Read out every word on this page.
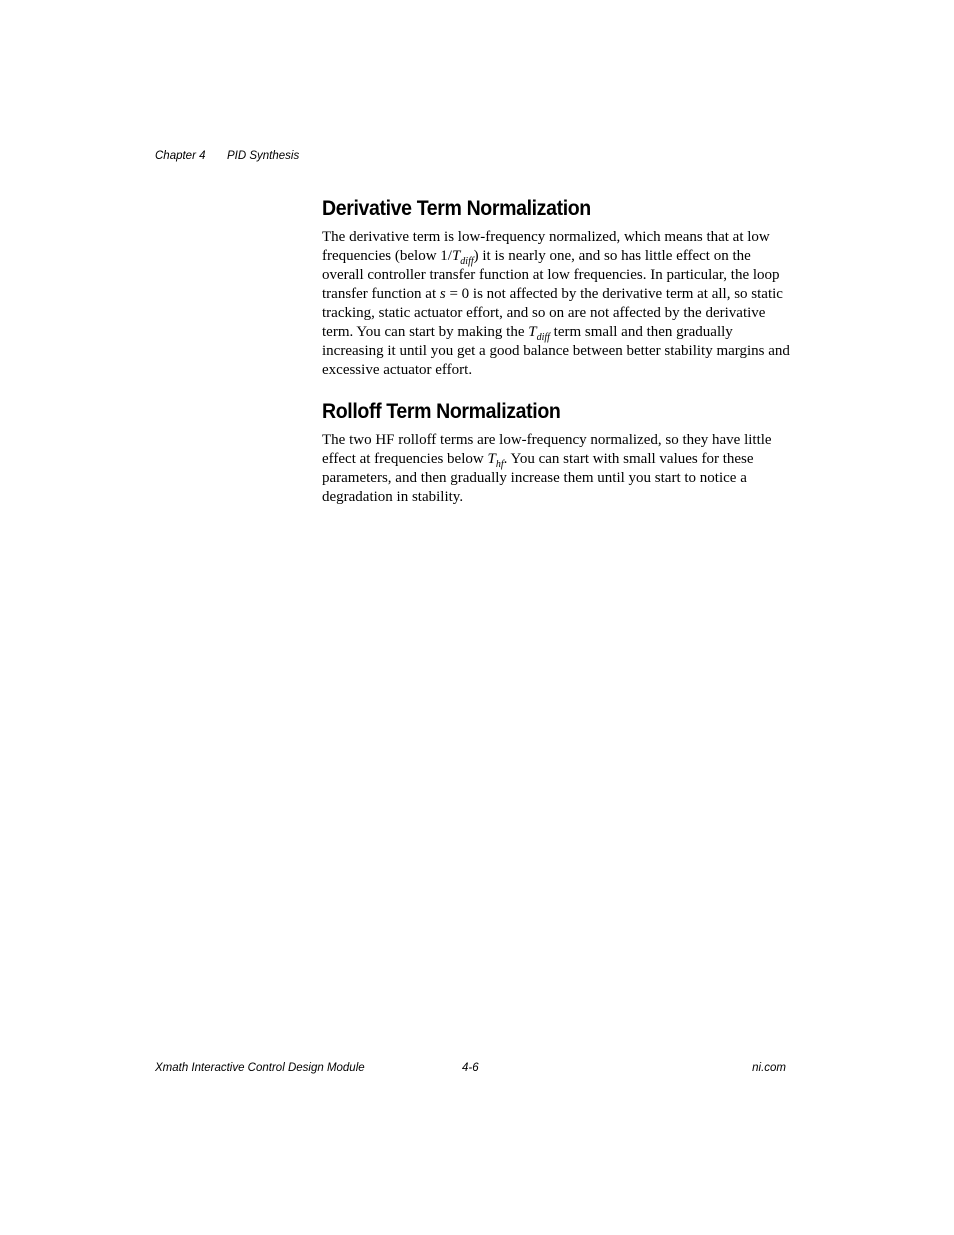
Chapter 4 PID Synthesis
Derivative Term Normalization

The derivative term is low-frequency normalized, which means that at low frequencies (below $1/T_{diff}$) it is nearly one, and so has little effect on the overall controller transfer function at low frequencies. In particular, the loop transfer function at s = 0 is not affected by the derivative term at all, so static tracking, static actuator effort, and so on are not affected by the derivative term. You can start by making the $T_{diff}$ term small and then gradually increasing it until you get a good balance between better stability margins and excessive actuator effort.

Rolloff Term Normalization

The two HF rolloff terms are low-frequency normalized, so they have little effect at frequencies below $T_{hf}$. You can start with small values for these parameters, and then gradually increase them until you start to notice a degradation in stability.

Xmath Interactive Control Design Module	4-6	ni.com
